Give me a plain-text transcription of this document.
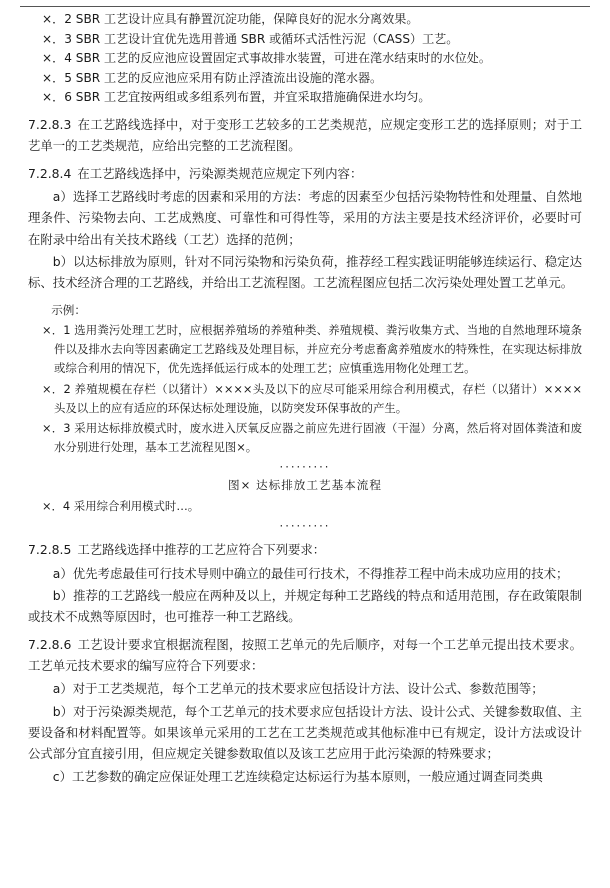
×．2 SBR 工艺设计应具有静置沉淀功能，保障良好的泥水分离效果。

×．3 SBR 工艺设计宜优先选用普通 SBR 或循环式活性污泥（CASS）工艺。

×．4 SBR 工艺的反应池应设置固定式事故排水装置，可进在滗水结束时的水位处。

×．5 SBR 工艺的反应池应采用有防止浮渣流出设施的滗水器。

×．6 SBR 工艺宜按两组或多组系列布置，并宜采取措施确保进水均匀。

7.2.8.3 在工艺路线选择中，对于变形工艺较多的工艺类规范，应规定变形工艺的选择原则；对于工艺单一的工艺类规范，应给出完整的工艺流程图。

7.2.8.4 在工艺路线选择中，污染源类规范应规定下列内容：

a）选择工艺路线时考虑的因素和采用的方法：考虑的因素至少包括污染物特性和处理量、自然地理条件、污染物去向、工艺成熟度、可靠性和可得性等，采用的方法主要是技术经济评价，必要时可在附录中给出有关技术路线（工艺）选择的范例；

b）以达标排放为原则，针对不同污染物和污染负荷，推荐经工程实践证明能够连续运行、稳定达标、技术经济合理的工艺路线，并给出工艺流程图。工艺流程图应包括二次污染处理处置工艺单元。

示例：

×．1 选用粪污处理工艺时，应根据养殖场的养殖种类、养殖规模、粪污收集方式、当地的自然地理环境条件以及排水去向等因素确定工艺路线及处理目标，并应充分考虑畜禽养殖废水的特殊性，在实现达标排放或综合利用的情况下，优先选择低运行成本的处理工艺；应慎重选用物化处理工艺。

×．2 养殖规模在存栏（以猪计）××××头及以下的应尽可能采用综合利用模式，存栏（以猪计）××××头及以上的应有适应的环保达标处理设施，以防突发环保事故的产生。

×．3 采用达标排放模式时，废水进入厌氧反应器之前应先进行固液（干湿）分离，然后将对固体粪渣和废水分别进行处理，基本工艺流程见图×。

·········

图× 达标排放工艺基本流程

×．4 采用综合利用模式时…。

·········

7.2.8.5 工艺路线选择中推荐的工艺应符合下列要求：

a）优先考虑最佳可行技术导则中确立的最佳可行技术，不得推荐工程中尚未成功应用的技术；

b）推荐的工艺路线一般应在两种及以上，并规定每种工艺路线的特点和适用范围，存在政策限制或技术不成熟等原因时，也可推荐一种工艺路线。

7.2.8.6 工艺设计要求宜根据流程图，按照工艺单元的先后顺序，对每一个工艺单元提出技术要求。工艺单元技术要求的编写应符合下列要求：

a）对于工艺类规范，每个工艺单元的技术要求应包括设计方法、设计公式、参数范围等；

b）对于污染源类规范，每个工艺单元的技术要求应包括设计方法、设计公式、关键参数取值、主要设备和材料配置等。如果该单元采用的工艺在工艺类规范或其他标准中已有规定，设计方法或设计公式部分宜直接引用，但应规定关键参数取值以及该工艺应用于此污染源的特殊要求；

c）工艺参数的确定应保证处理工艺连续稳定达标运行为基本原则，一般应通过调查同类典
